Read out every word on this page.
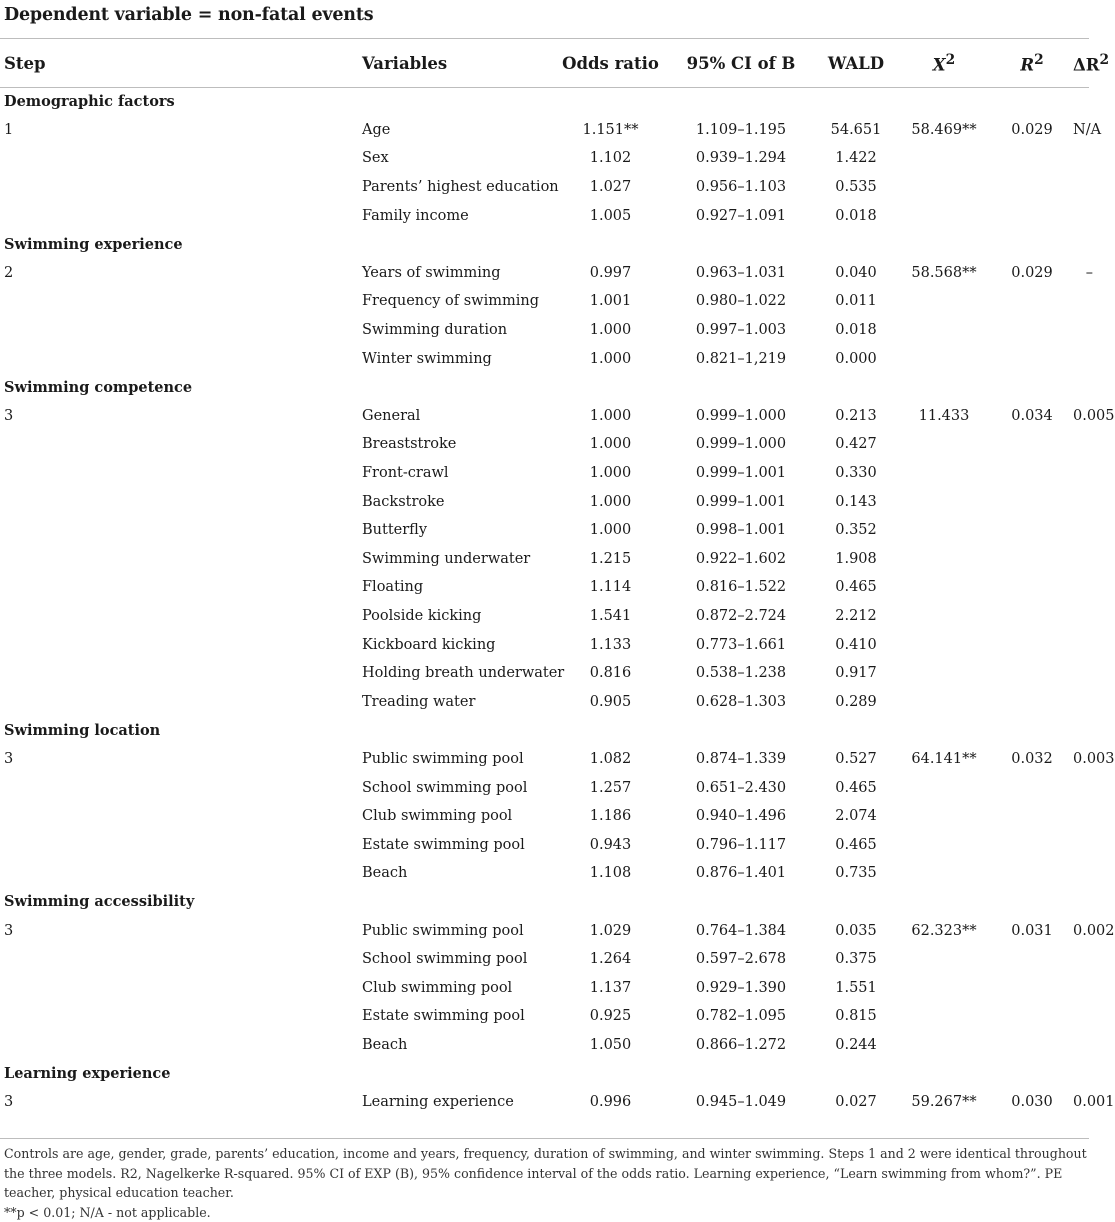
Dependent variable = non-fatal events
Step	Variables	Odds ratio	95% CI of B	WALD	$X^2$	$R^2$	$\Delta R^2$
Demographic factors							
1	Age	1.151**	1.109–1.195	54.651	58.469**	0.029	N/A
	Sex	1.102	0.939–1.294	1.422			
	Parents’ highest education	1.027	0.956–1.103	0.535			
	Family income	1.005	0.927–1.091	0.018			
Swimming experience							
2	Years of swimming	0.997	0.963–1.031	0.040	58.568**	0.029	–
	Frequency of swimming	1.001	0.980–1.022	0.011			
	Swimming duration	1.000	0.997–1.003	0.018			
	Winter swimming	1.000	0.821–1,219	0.000			
Swimming competence							
3	General	1.000	0.999–1.000	0.213	11.433	0.034	0.005
	Breaststroke	1.000	0.999–1.000	0.427			
	Front-crawl	1.000	0.999–1.001	0.330			
	Backstroke	1.000	0.999–1.001	0.143			
	Butterfly	1.000	0.998–1.001	0.352			
	Swimming underwater	1.215	0.922–1.602	1.908			
	Floating	1.114	0.816–1.522	0.465			
	Poolside kicking	1.541	0.872–2.724	2.212			
	Kickboard kicking	1.133	0.773–1.661	0.410			
	Holding breath underwater	0.816	0.538–1.238	0.917			
	Treading water	0.905	0.628–1.303	0.289			
Swimming location							
3	Public swimming pool	1.082	0.874–1.339	0.527	64.141**	0.032	0.003
	School swimming pool	1.257	0.651–2.430	0.465			
	Club swimming pool	1.186	0.940–1.496	2.074			
	Estate swimming pool	0.943	0.796–1.117	0.465			
	Beach	1.108	0.876–1.401	0.735			
Swimming accessibility							
3	Public swimming pool	1.029	0.764–1.384	0.035	62.323**	0.031	0.002
	School swimming pool	1.264	0.597–2.678	0.375			
	Club swimming pool	1.137	0.929–1.390	1.551			
	Estate swimming pool	0.925	0.782–1.095	0.815			
	Beach	1.050	0.866–1.272	0.244			
Learning experience							
3	Learning experience	0.996	0.945–1.049	0.027	59.267**	0.030	0.001

Controls are age, gender, grade, parents’ education, income and years, frequency, duration of swimming, and winter swimming. Steps 1 and 2 were identical throughout the three models. R2, Nagelkerke R-squared. 95% CI of EXP (B), 95% confidence interval of the odds ratio. Learning experience, “Learn swimming from whom?”. PE teacher, physical education teacher.

**p < 0.01; N/A - not applicable.
